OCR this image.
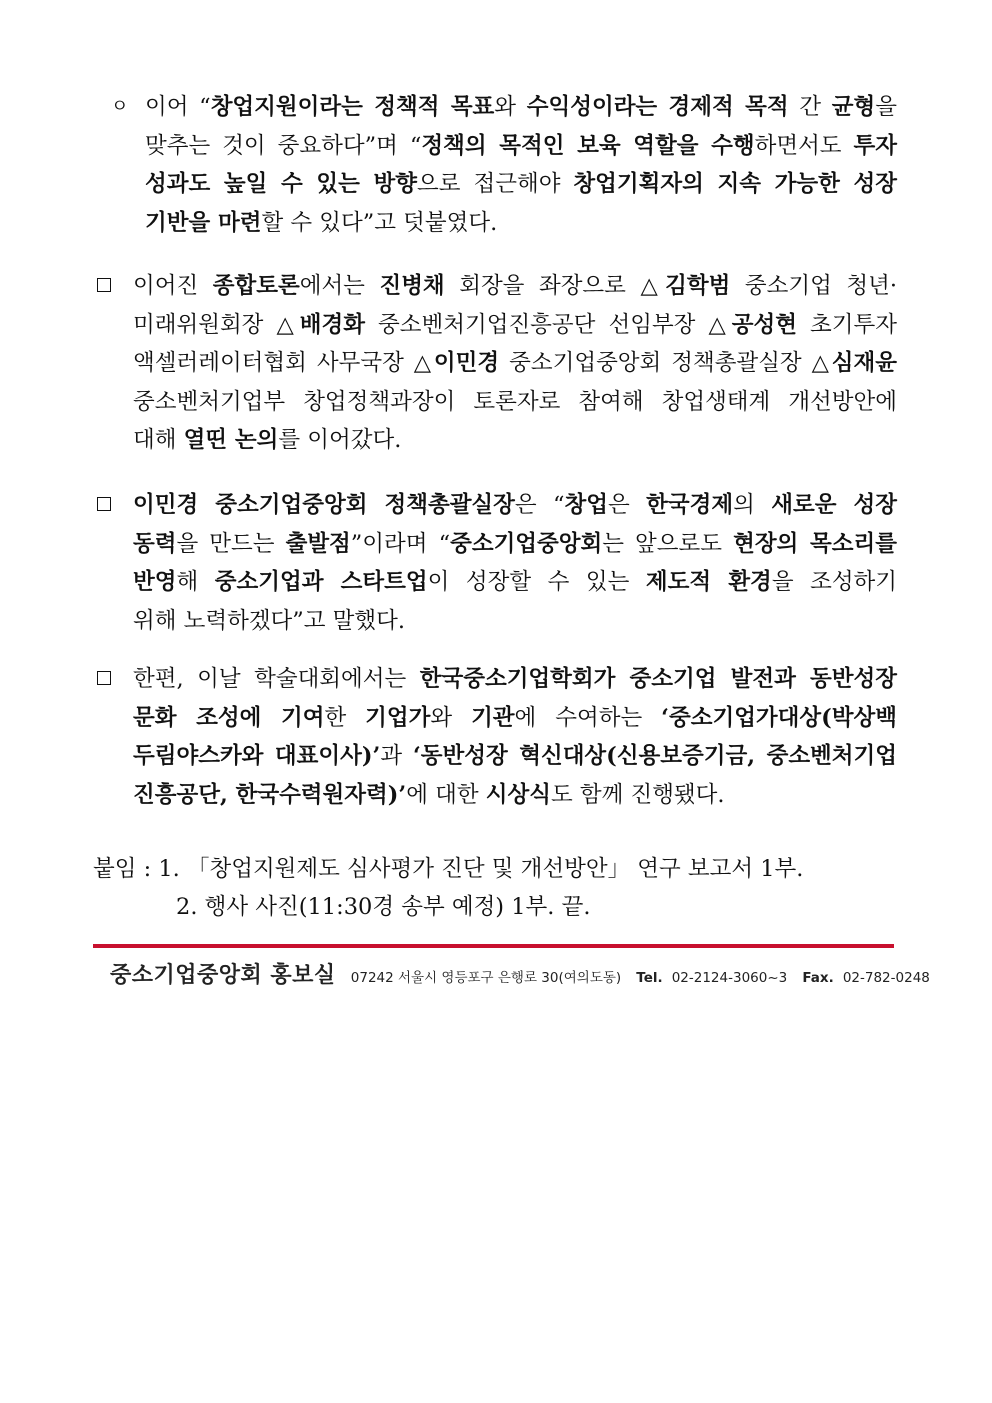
ㅇ 이어 “창업지원이라는 정책적 목표와 수익성이라는 경제적 목적 간 균형을
맞추는 것이 중요하다”며 “정책의 목적인 보육 역할을 수행하면서도 투자
성과도 높일 수 있는 방향으로 접근해야 창업기획자의 지속 가능한 성장
기반을 마련할 수 있다”고 덧붙였다.
이어진 종합토론에서는 진병채 회장을 좌장으로 △김학범 중소기업 청년·
미래위원회장 △배경화 중소벤처기업진흥공단 선임부장 △공성현 초기투자
액셀러레이터협회 사무국장 △이민경 중소기업중앙회 정책총괄실장 △심재윤
중소벤처기업부 창업정책과장이 토론자로 참여해 창업생태계 개선방안에
대해 열띤 논의를 이어갔다.
이민경 중소기업중앙회 정책총괄실장은 “창업은 한국경제의 새로운 성장
동력을 만드는 출발점”이라며 “중소기업중앙회는 앞으로도 현장의 목소리를
반영해 중소기업과 스타트업이 성장할 수 있는 제도적 환경을 조성하기
위해 노력하겠다”고 말했다.
한편, 이날 학술대회에서는 한국중소기업학회가 중소기업 발전과 동반성장
문화 조성에 기여한 기업가와 기관에 수여하는 ‘중소기업가대상(박상백
두림야스카와 대표이사)’과 ‘동반성장 혁신대상(신용보증기금, 중소벤처기업
진흥공단, 한국수력원자력)’에 대한 시상식도 함께 진행됐다.
붙임 : 1. 「창업지원제도 심사평가 진단 및 개선방안」 연구 보고서 1부.
2. 행사 사진(11:30경 송부 예정) 1부. 끝.
중소기업중앙회 홍보실 07242 서울시 영등포구 은행로 30(여의도동) Tel. 02-2124-3060~3 Fax. 02-782-0248
